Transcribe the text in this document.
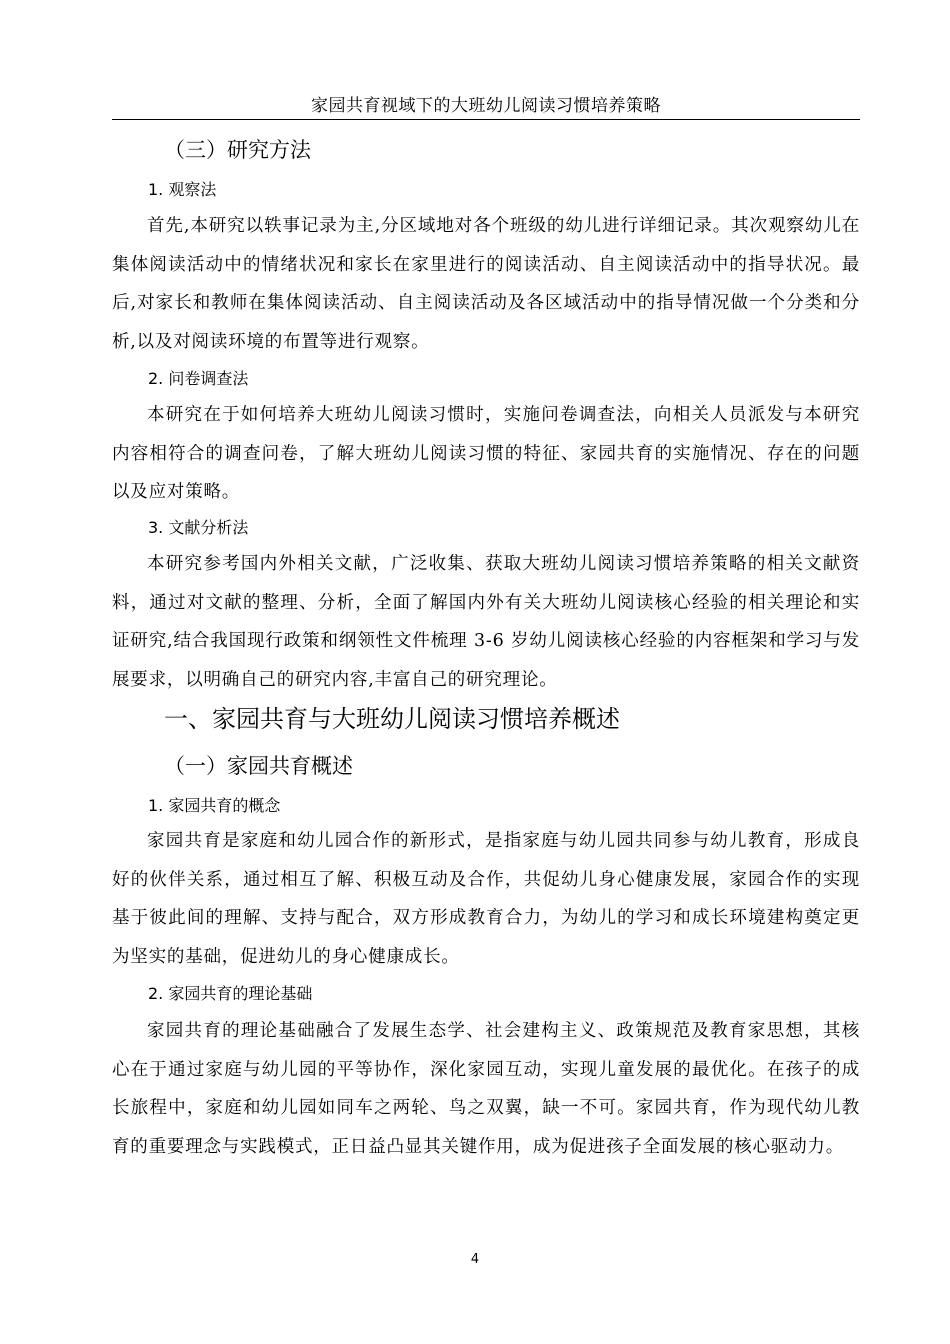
家园共育视域下的大班幼儿阅读习惯培养策略
（三）研究方法
1. 观察法
首先,本研究以轶事记录为主,分区域地对各个班级的幼儿进行详细记录。其次观察幼儿在集体阅读活动中的情绪状况和家长在家里进行的阅读活动、自主阅读活动中的指导状况。最后,对家长和教师在集体阅读活动、自主阅读活动及各区域活动中的指导情况做一个分类和分析,以及对阅读环境的布置等进行观察。
2. 问卷调查法
本研究在于如何培养大班幼儿阅读习惯时，实施问卷调查法，向相关人员派发与本研究内容相符合的调查问卷，了解大班幼儿阅读习惯的特征、家园共育的实施情况、存在的问题以及应对策略。
3. 文献分析法
本研究参考国内外相关文献，广泛收集、获取大班幼儿阅读习惯培养策略的相关文献资料，通过对文献的整理、分析，全面了解国内外有关大班幼儿阅读核心经验的相关理论和实证研究,结合我国现行政策和纲领性文件梳理 3-6 岁幼儿阅读核心经验的内容框架和学习与发展要求，以明确自己的研究内容,丰富自己的研究理论。
一、家园共育与大班幼儿阅读习惯培养概述
（一）家园共育概述
1. 家园共育的概念
家园共育是家庭和幼儿园合作的新形式，是指家庭与幼儿园共同参与幼儿教育，形成良好的伙伴关系，通过相互了解、积极互动及合作，共促幼儿身心健康发展，家园合作的实现基于彼此间的理解、支持与配合，双方形成教育合力，为幼儿的学习和成长环境建构奠定更为坚实的基础，促进幼儿的身心健康成长。
2. 家园共育的理论基础
家园共育的理论基础融合了发展生态学、社会建构主义、政策规范及教育家思想，其核心在于通过家庭与幼儿园的平等协作，深化家园互动，实现儿童发展的最优化。在孩子的成长旅程中，家庭和幼儿园如同车之两轮、鸟之双翼，缺一不可。家园共育，作为现代幼儿教育的重要理念与实践模式，正日益凸显其关键作用，成为促进孩子全面发展的核心驱动力。
4
